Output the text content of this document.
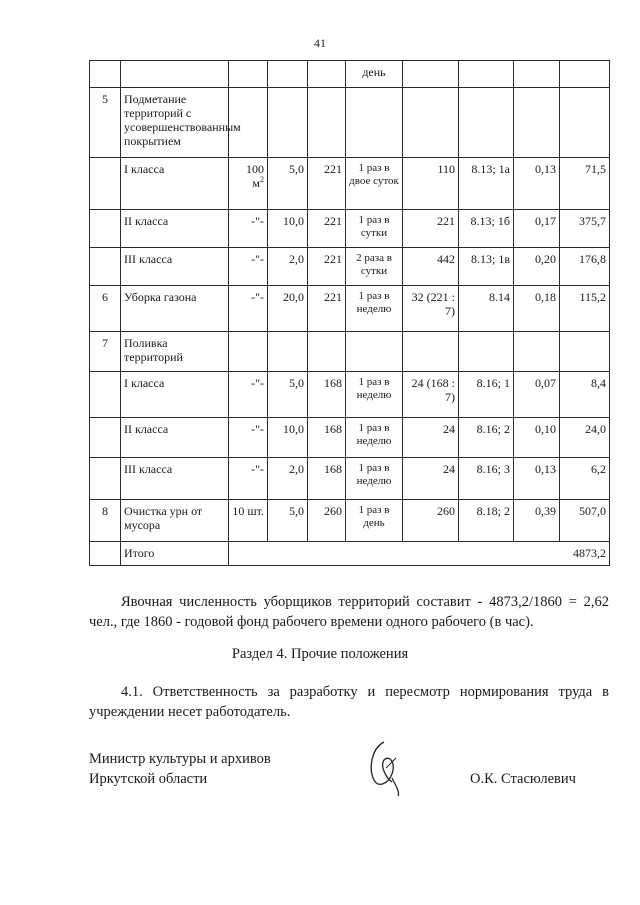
41
					день				
5	Подметание территорий с усовершенствованным покрытием								
	I класса	100 $м^2$	5,0	221	1 раз в двое суток	110	8.13; 1а	0,13	71,5
	II класса	-"-	10,0	221	1 раз в сутки	221	8.13; 1б	0,17	375,7
	III класса	-"-	2,0	221	2 раза в сутки	442	8.13; 1в	0,20	176,8
6	Уборка газона	-"-	20,0	221	1 раз в неделю	32 (221 : 7)	8.14	0,18	115,2
7	Поливка территорий								
	I класса	-"-	5,0	168	1 раз в неделю	24 (168 : 7)	8.16; 1	0,07	8,4
	II класса	-"-	10,0	168	1 раз в неделю	24	8.16; 2	0,10	24,0
	III класса	-"-	2,0	168	1 раз в неделю	24	8.16; 3	0,13	6,2
8	Очистка урн от мусора	10 шт.	5,0	260	1 раз в день	260	8.18; 2	0,39	507,0
	Итого	4873,2							

Явочная численность уборщиков территорий составит - 4873,2/1860 = 2,62 чел., где 1860 - годовой фонд рабочего времени одного рабочего (в час).

Раздел 4. Прочие положения

4.1. Ответственность за разработку и пересмотр нормирования труда в учреждении несет работодатель.

Министр культуры и архивов
Иркутской области	О.К. Стасюлевич
